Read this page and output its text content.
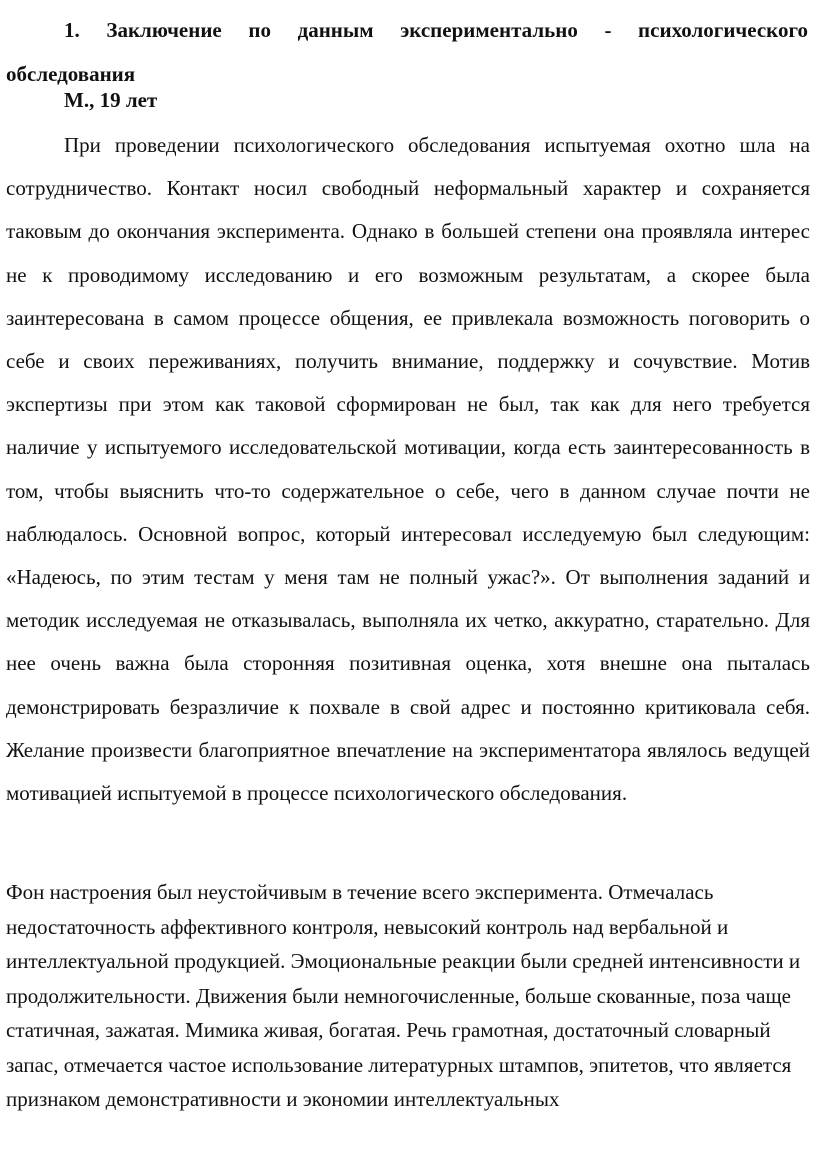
1. Заключение по данным экспериментально - психологического обследования
М., 19 лет

При проведении психологического обследования испытуемая охотно шла на сотрудничество. Контакт носил свободный неформальный характер и сохраняется таковым до окончания эксперимента. Однако в большей степени она проявляла интерес не к проводимому исследованию и его возможным результатам, а скорее была заинтересована в самом процессе общения, ее привлекала возможность поговорить о себе и своих переживаниях, получить внимание, поддержку и сочувствие. Мотив экспертизы при этом как таковой сформирован не был, так как для него требуется наличие у испытуемого исследовательской мотивации, когда есть заинтересованность в том, чтобы выяснить что-то содержательное о себе, чего в данном случае почти не наблюдалось. Основной вопрос, который интересовал исследуемую был следующим: «Надеюсь, по этим тестам у меня там не полный ужас?». От выполнения заданий и методик исследуемая не отказывалась, выполняла их четко, аккуратно, старательно. Для нее очень важна была сторонняя позитивная оценка, хотя внешне она пыталась демонстрировать безразличие к похвале в свой адрес и постоянно критиковала себя. Желание произвести благоприятное впечатление на экспериментатора являлось ведущей мотивацией испытуемой в процессе психологического обследования.

Фон настроения был неустойчивым в течение всего эксперимента. Отмечалась недостаточность аффективного контроля, невысокий контроль над вербальной и интеллектуальной продукцией. Эмоциональные реакции были средней интенсивности и продолжительности. Движения были немногочисленные, больше скованные, поза чаще статичная, зажатая. Мимика живая, богатая. Речь грамотная, достаточный словарный запас, отмечается частое использование литературных штампов, эпитетов, что является признаком демонстративности и экономии интеллектуальных
